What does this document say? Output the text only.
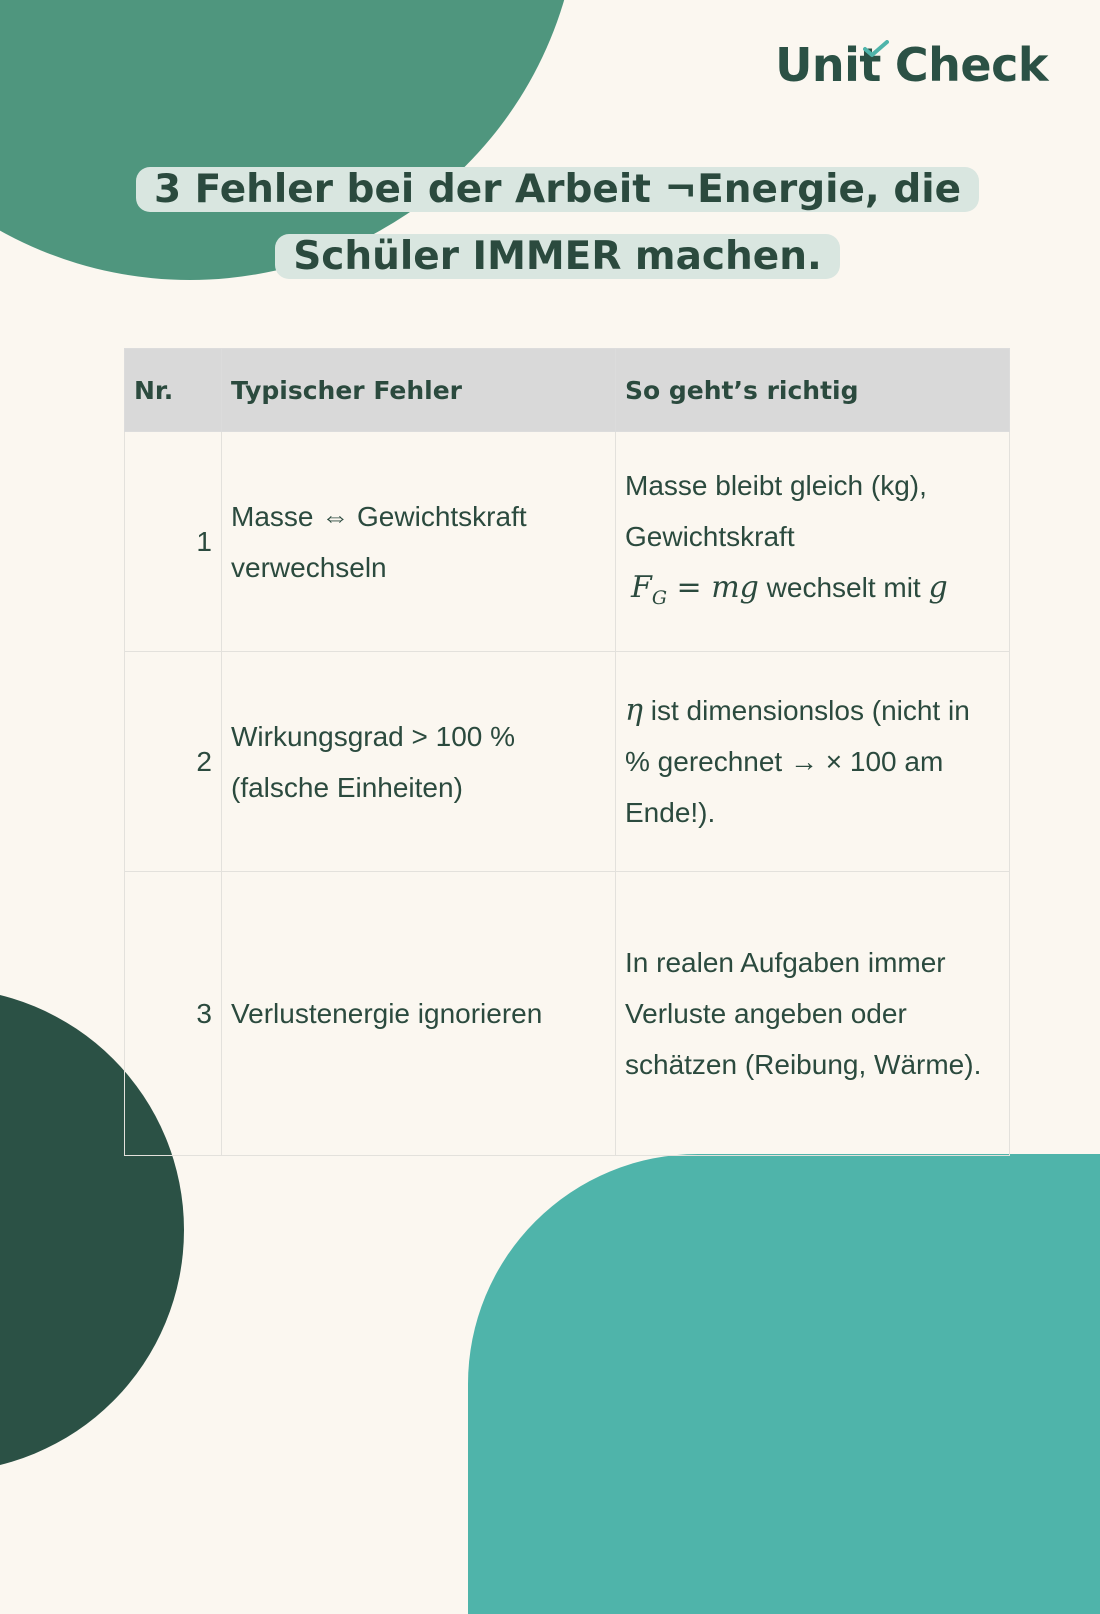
Unit Check
3 Fehler bei der Arbeit ¬Energie, die
Schüler IMMER machen.
Nr.	Typischer Fehler	So geht’s richtig
1	Masse ⇔ Gewichtskraft verwechseln	Masse bleibt gleich (kg), Gewichtskraft
 $F_G$ = mg wechselt mit g
2	Wirkungsgrad > 100 % (falsche Einheiten)	η ist dimensionslos (nicht in % gerechnet → × 100 am Ende!).
3	Verlustenergie ignorieren	In realen Aufgaben immer Verluste angeben oder schätzen (Reibung, Wärme).
